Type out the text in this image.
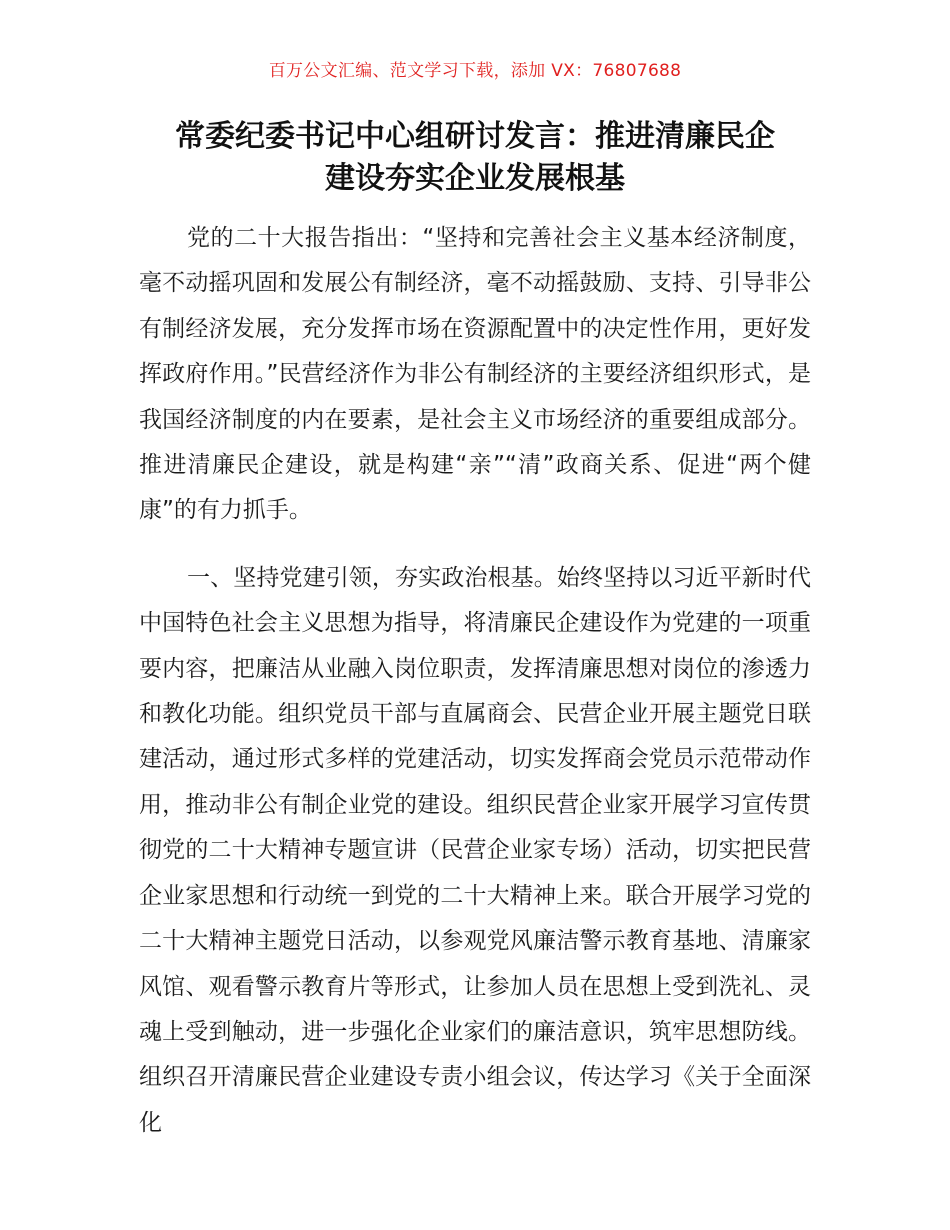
百万公文汇编、范文学习下载，添加 VX：76807688
常委纪委书记中心组研讨发言：推进清廉民企
建设夯实企业发展根基

党的二十大报告指出：“坚持和完善社会主义基本经济制度，毫不动摇巩固和发展公有制经济，毫不动摇鼓励、支持、引导非公有制经济发展，充分发挥市场在资源配置中的决定性作用，更好发挥政府作用。”民营经济作为非公有制经济的主要经济组织形式，是我国经济制度的内在要素，是社会主义市场经济的重要组成部分。推进清廉民企建设，就是构建“亲”“清”政商关系、促进“两个健康”的有力抓手。

一、坚持党建引领，夯实政治根基。始终坚持以习近平新时代中国特色社会主义思想为指导，将清廉民企建设作为党建的一项重要内容，把廉洁从业融入岗位职责，发挥清廉思想对岗位的渗透力和教化功能。组织党员干部与直属商会、民营企业开展主题党日联建活动，通过形式多样的党建活动，切实发挥商会党员示范带动作用，推动非公有制企业党的建设。组织民营企业家开展学习宣传贯彻党的二十大精神专题宣讲（民营企业家专场）活动，切实把民营企业家思想和行动统一到党的二十大精神上来。联合开展学习党的二十大精神主题党日活动，以参观党风廉洁警示教育基地、清廉家风馆、观看警示教育片等形式，让参加人员在思想上受到洗礼、灵魂上受到触动，进一步强化企业家们的廉洁意识，筑牢思想防线。组织召开清廉民营企业建设专责小组会议，传达学习《关于全面深化
